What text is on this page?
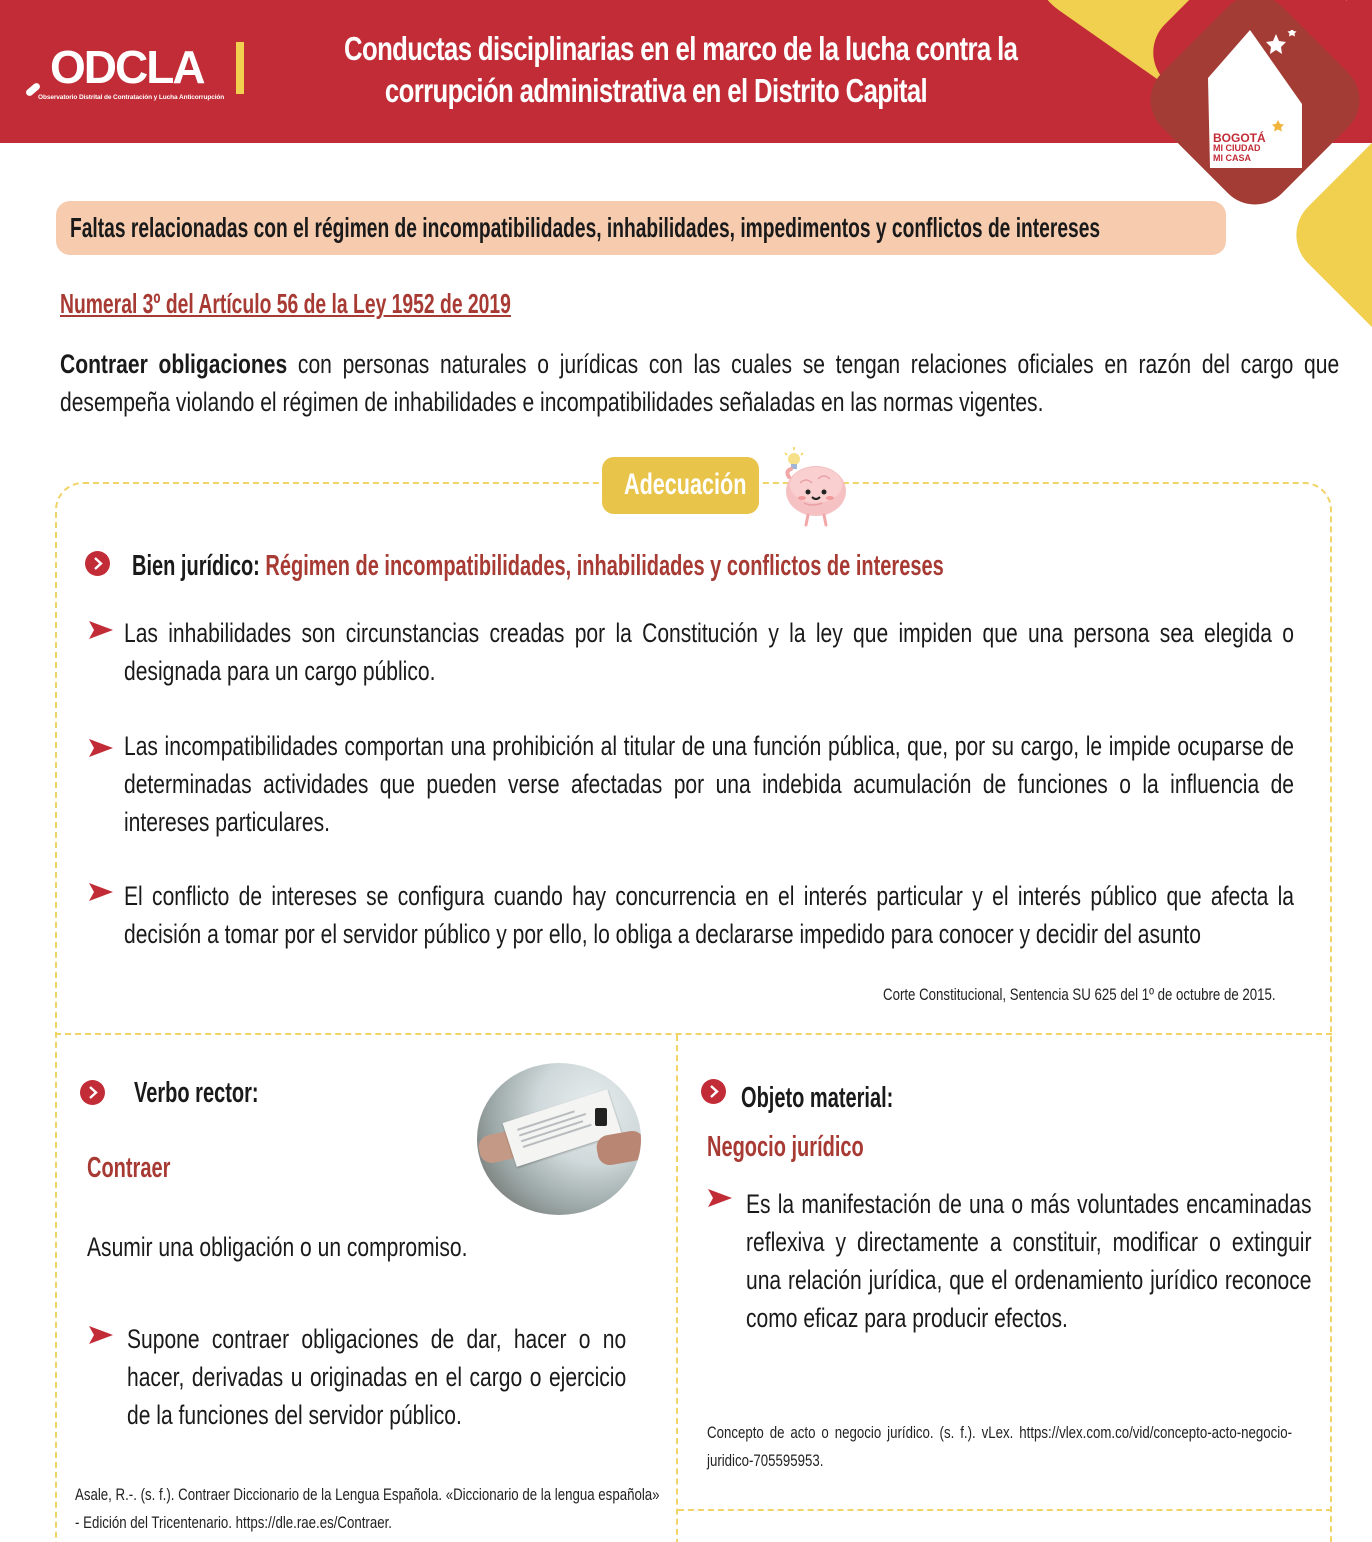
ODCLA
Observatorio Distrital de Contratación y Lucha Anticorrupción
Conductas disciplinarias en el marco de la lucha contra la
corrupción administrativa en el Distrito Capital
BOGOTÁ
MI CIUDAD
MI CASA
Faltas relacionadas con el régimen de incompatibilidades, inhabilidades, impedimentos y conflictos de intereses
Numeral 3º del Artículo 56 de la Ley 1952 de 2019
Contraer obligaciones con personas naturales o jurídicas con las cuales se tengan relaciones oficiales en razón del cargo que desempeña violando el régimen de inhabilidades e incompatibilidades señaladas en las normas vigentes.
Adecuación
Bien jurídico: Régimen de incompatibilidades, inhabilidades y conflictos de intereses
Las inhabilidades son circunstancias creadas por la Constitución y la ley que impiden que una persona sea elegida o designada para un cargo público.
Las incompatibilidades comportan una prohibición al titular de una función pública, que, por su cargo, le impide ocuparse de determinadas actividades que pueden verse afectadas por una indebida acumulación de funciones o la influencia de intereses particulares.
El conflicto de intereses se configura cuando hay concurrencia en el interés particular y el interés público que afecta la decisión a tomar por el servidor público y por ello, lo obliga a declararse impedido para conocer y decidir del asunto
Corte Constitucional, Sentencia SU 625 del 1º de octubre de 2015.
Verbo rector:
Contraer
Asumir una obligación o un compromiso.
Supone contraer obligaciones de dar, hacer o no hacer, derivadas u originadas en el cargo o ejercicio de la funciones del servidor público.
Asale, R.-. (s. f.). Contraer Diccionario de la Lengua Española. «Diccionario de la lengua española» - Edición del Tricentenario. https://dle.rae.es/Contraer.
Objeto material:
Negocio jurídico
Es la manifestación de una o más voluntades encaminadas reflexiva y directamente a constituir, modificar o extinguir una relación jurídica, que el ordenamiento jurídico reconoce como eficaz para producir efectos.
Concepto de acto o negocio jurídico. (s. f.). vLex. https://vlex.com.co/vid/concepto-acto-negocio-juridico-705595953.
